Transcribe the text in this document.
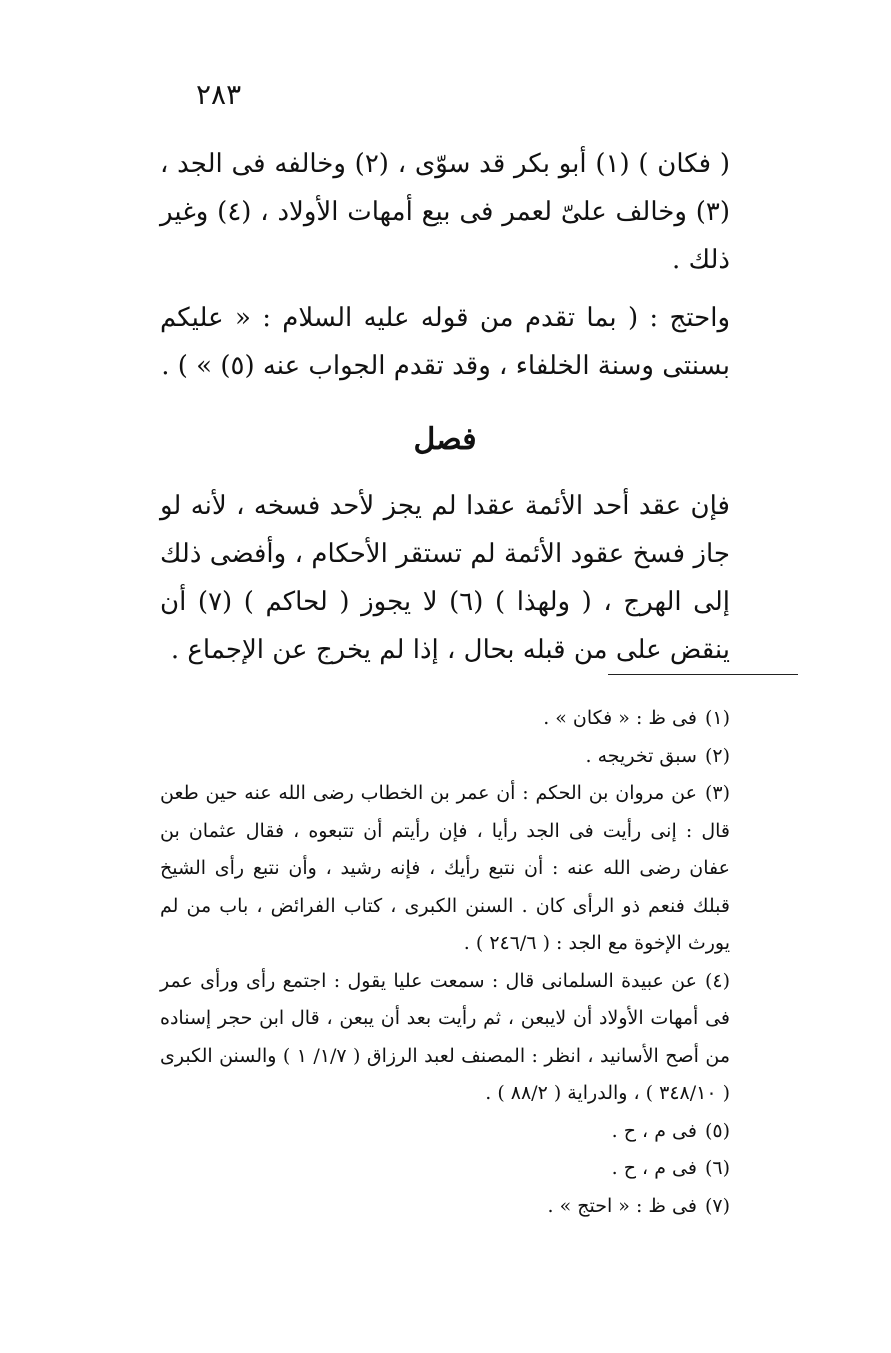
٢٨٣

( فكان ) (١) أبو بكر قد سوّى ، (٢) وخالفه فى الجد ، (٣) وخالف علىّ لعمر فى بيع أمهات الأولاد ، (٤) وغير ذلك .

واحتج : ( بما تقدم من قوله عليه السلام : « عليكم بسنتى وسنة الخلفاء ، وقد تقدم الجواب عنه (٥) » ) .

فصل

فإن عقد أحد الأئمة عقدا لم يجز لأحد فسخه ، لأنه لو جاز فسخ عقود الأئمة لم تستقر الأحكام ، وأفضى ذلك إلى الهرج ، ( ولهذا ) (٦) لا يجوز ( لحاكم ) (٧) أن ينقض على من قبله بحال ، إذا لم يخرج عن الإجماع .

(١)فى ظ : « فكان » .

(٢)سبق تخريجه .

(٣)عن مروان بن الحكم : أن عمر بن الخطاب رضى الله عنه حين طعن قال : إنى رأيت فى الجد رأيا ، فإن رأيتم أن تتبعوه ، فقال عثمان بن عفان رضى الله عنه : أن نتبع رأيك ، فإنه رشيد ، وأن نتبع رأى الشيخ قبلك فنعم ذو الرأى كان . السنن الكبرى ، كتاب الفرائض ، باب من لم يورث الإخوة مع الجد : ( ٢٤٦/٦ ) .

(٤)عن عبيدة السلمانى قال : سمعت عليا يقول : اجتمع رأى ورأى عمر فى أمهات الأولاد أن لايبعن ، ثم رأيت بعد أن يبعن ، قال ابن حجر إسناده من أصح الأسانيد ، انظر : المصنف لعبد الرزاق ( ١/٧/ ١ ) والسنن الكبرى ( ٣٤٨/١٠ ) ، والدراية ( ٨٨/٢ ) .

(٥)فى م ، ح .

(٦)فى م ، ح .

(٧)فى ظ : « احتج » .
